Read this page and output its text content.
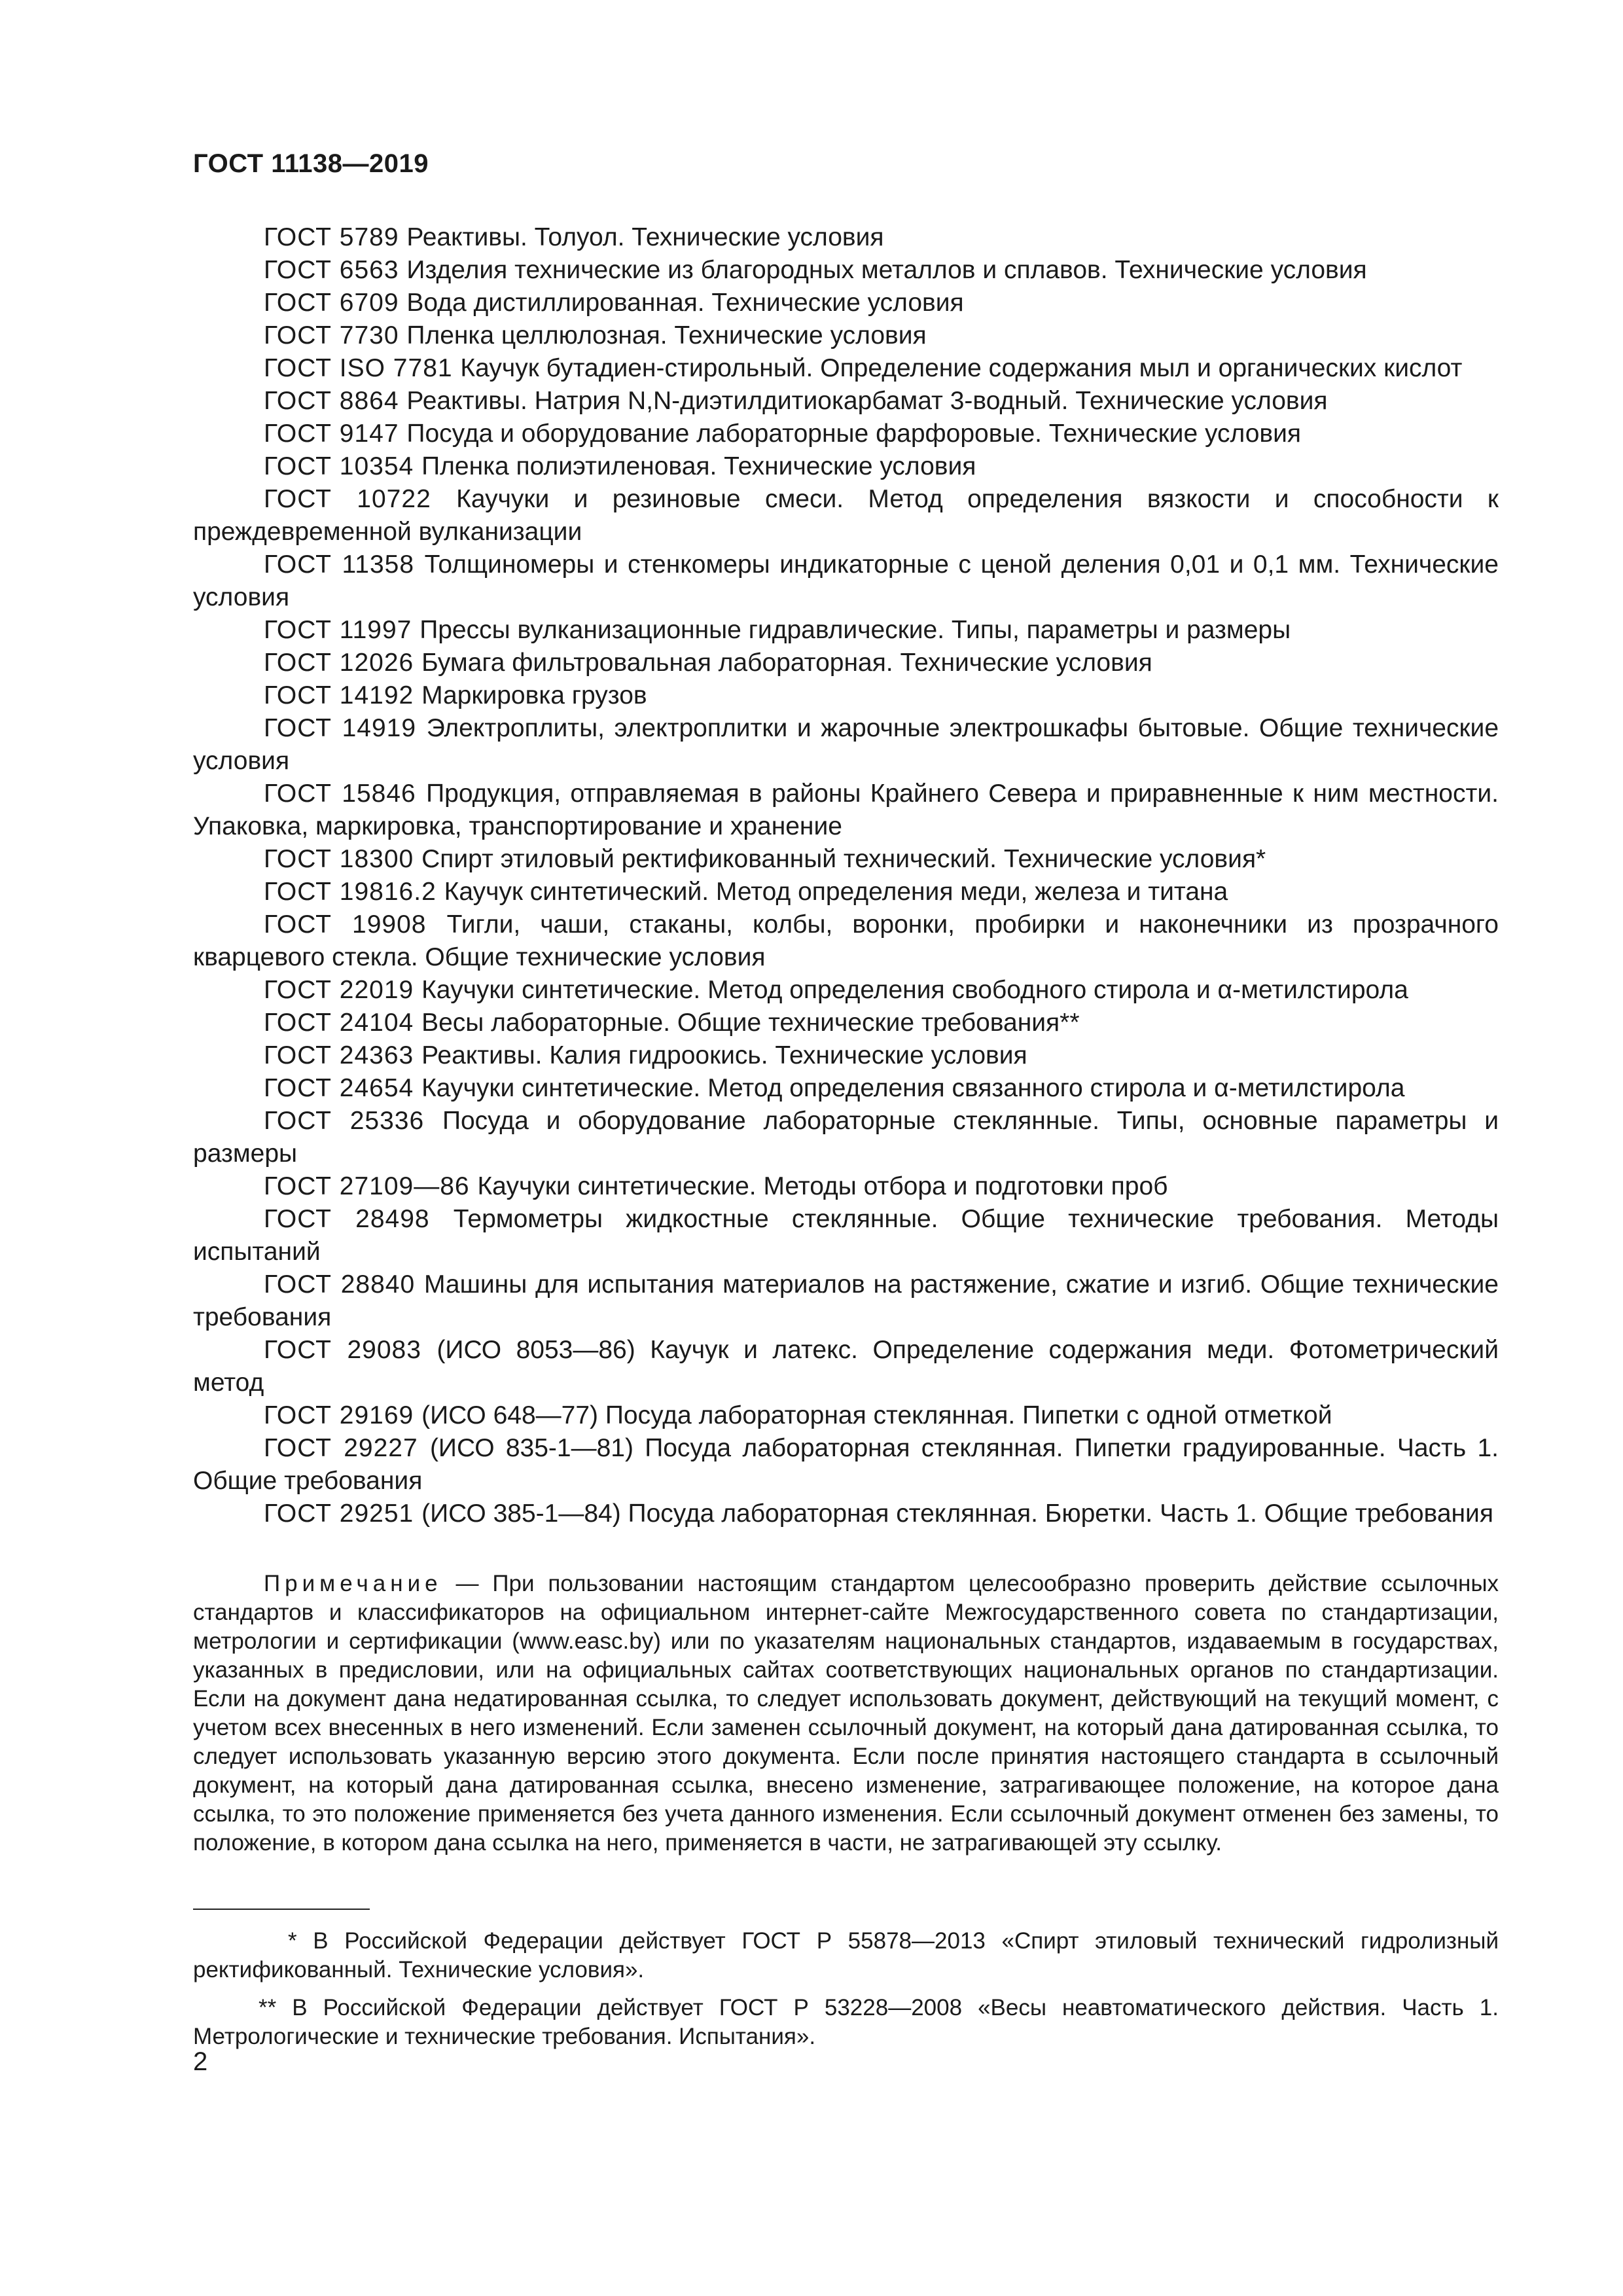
ГОСТ 11138—2019

ГОСТ 5789 Реактивы. Толуол. Технические условия

ГОСТ 6563 Изделия технические из благородных металлов и сплавов. Технические условия

ГОСТ 6709 Вода дистиллированная. Технические условия

ГОСТ 7730 Пленка целлюлозная. Технические условия

ГОСТ ISO 7781 Каучук бутадиен-стирольный. Определение содержания мыл и органических кислот

ГОСТ 8864 Реактивы. Натрия N,N-диэтилдитиокарбамат 3-водный. Технические условия

ГОСТ 9147 Посуда и оборудование лабораторные фарфоровые. Технические условия

ГОСТ 10354 Пленка полиэтиленовая. Технические условия

ГОСТ 10722 Каучуки и резиновые смеси. Метод определения вязкости и способности к преждевременной вулканизации

ГОСТ 11358 Толщиномеры и стенкомеры индикаторные с ценой деления 0,01 и 0,1 мм. Технические условия

ГОСТ 11997 Прессы вулканизационные гидравлические. Типы, параметры и размеры

ГОСТ 12026 Бумага фильтровальная лабораторная. Технические условия

ГОСТ 14192 Маркировка грузов

ГОСТ 14919 Электроплиты, электроплитки и жарочные электрошкафы бытовые. Общие технические условия

ГОСТ 15846 Продукция, отправляемая в районы Крайнего Севера и приравненные к ним местности. Упаковка, маркировка, транспортирование и хранение

ГОСТ 18300 Спирт этиловый ректификованный технический. Технические условия*

ГОСТ 19816.2 Каучук синтетический. Метод определения меди, железа и титана

ГОСТ 19908 Тигли, чаши, стаканы, колбы, воронки, пробирки и наконечники из прозрачного кварцевого стекла. Общие технические условия

ГОСТ 22019 Каучуки синтетические. Метод определения свободного стирола и α-метилстирола

ГОСТ 24104 Весы лабораторные. Общие технические требования**

ГОСТ 24363 Реактивы. Калия гидроокись. Технические условия

ГОСТ 24654 Каучуки синтетические. Метод определения связанного стирола и α-метилстирола

ГОСТ 25336 Посуда и оборудование лабораторные стеклянные. Типы, основные параметры и размеры

ГОСТ 27109—86 Каучуки синтетические. Методы отбора и подготовки проб

ГОСТ 28498 Термометры жидкостные стеклянные. Общие технические требования. Методы испытаний

ГОСТ 28840 Машины для испытания материалов на растяжение, сжатие и изгиб. Общие технические требования

ГОСТ 29083 (ИСО 8053—86) Каучук и латекс. Определение содержания меди. Фотометрический метод

ГОСТ 29169 (ИСО 648—77) Посуда лабораторная стеклянная. Пипетки с одной отметкой

ГОСТ 29227 (ИСО 835-1—81) Посуда лабораторная стеклянная. Пипетки градуированные. Часть 1. Общие требования

ГОСТ 29251 (ИСО 385-1—84) Посуда лабораторная стеклянная. Бюретки. Часть 1. Общие требования

Примечание — При пользовании настоящим стандартом целесообразно проверить действие ссылочных стандартов и классификаторов на официальном интернет-сайте Межгосударственного совета по стандартизации, метрологии и сертификации (www.easc.by) или по указателям национальных стандартов, издаваемым в государствах, указанных в предисловии, или на официальных сайтах соответствующих национальных органов по стандартизации. Если на документ дана недатированная ссылка, то следует использовать документ, действующий на текущий момент, с учетом всех внесенных в него изменений. Если заменен ссылочный документ, на который дана датированная ссылка, то следует использовать указанную версию этого документа. Если после принятия настоящего стандарта в ссылочный документ, на который дана датированная ссылка, внесено изменение, затрагивающее положение, на которое дана ссылка, то это положение применяется без учета данного изменения. Если ссылочный документ отменен без замены, то положение, в котором дана ссылка на него, применяется в части, не затрагивающей эту ссылку.

* В Российской Федерации действует ГОСТ Р 55878—2013 «Спирт этиловый технический гидролизный ректификованный. Технические условия».

** В Российской Федерации действует ГОСТ Р 53228—2008 «Весы неавтоматического действия. Часть 1. Метрологические и технические требования. Испытания».

2
